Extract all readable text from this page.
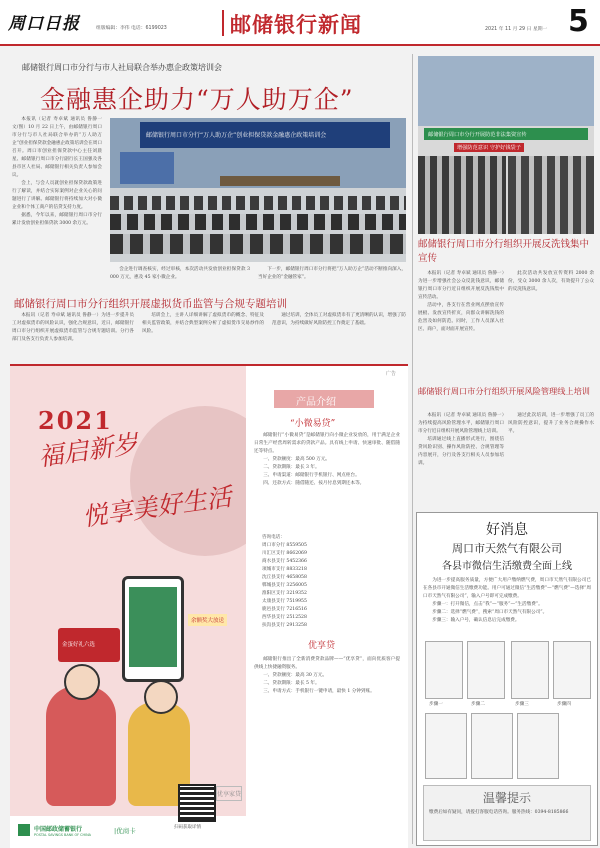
周口日报	组版编辑：李伟 电话：6199023	邮储银行新闻	2021 年 11 月 29 日 星期一 5
邮储银行周口市分行与市人社局联合举办惠企政策培训会
金融惠企助力“万人助万企”

本报讯（记者 寿卓斌 通讯员 鲁静一 文/图）10 月 22 日上午，由邮储银行周口市分行与市人社局联合举办的“万人助万企”创业担保贷款金融惠企政策培训会在周口召开。周口市创业担保贷款中心主任刘晨星、邮储银行周口市分行副行长王国强及各县市区人社局、邮储银行相关负责人参加会议。

会上，与会人员就创业担保贷款政策进行了解读，并结合实际案例对企业关心的问题进行了讲解。邮储银行将持续加大对小微企业和个体工商户的信贷支持力度。

据悉，今年以来，邮储银行周口市分行累计发放创业担保贷款 3000 余万元。

邮储银行周口市分行“万人助万企”创业担保贷款金融惠企政策培训会

会企进行调查核实，经过审核，本次活动共发放创业担保贷款 3000 万元，惠及 45 家小微企业。

下一步，邮储银行周口市分行将把“万人助万企”活动不断推向深入，当好企业的“金融管家”。

邮储银行周口市分行组织开展虚拟货币监管与合规专题培训

本报讯（记者 寿卓斌 通讯员 鲁静一）为进一步提升员工对虚拟货币的风险认识，强化合规意识，近日，邮储银行周口市分行组织开展虚拟货币监管与合规专题培训。分行各部门及各支行负责人参加培训。

培训会上，主讲人详细讲解了虚拟货币的概念、特征及相关监管政策，并结合典型案例分析了虚拟货币交易炒作的风险。

通过培训，全体员工对虚拟货币有了更清晰的认识，增强了防范意识，为持续做好风险防控工作奠定了基础。

2021
福启新岁
悦享美好生活
余额奖大放送
金蛋好礼六选
中国邮政储蓄银行
POSTAL SAVINGS BANK OF CHINA	|优商卡	扫码获取详情
优享家贷
广告
产品介绍
“小微易贷”

邮储银行“小微易贷”是邮储银行向小微企业发放的，用于满足企业日常生产经营周转需求的贷款产品。具有线上申请、快速审批、随借随还等特点。

一、贷款额度：最高 500 万元。

二、贷款期限：最长 3 年。

三、申请渠道：邮储银行手机银行、网点柜台。

四、还款方式：随借随还、按月付息到期还本等。

咨询电话：
周口市分行 8559505
川汇区支行 8662069
商水县支行 5452366
项城市支行 8833218
沈丘县支行 4658058
郸城县支行 3256005
淮阳区支行 3219352
太康县支行 7519955
鹿邑县支行 7216516
西华县支行 2512528
扶沟县支行 2913258
优享贷

邮储银行推出了全新消费贷款品牌——“优享贷”，面向优质客户提供线上快捷融资服务。

一、贷款额度：最高 30 万元。

二、贷款期限：最长 5 年。

三、申请方式：手机银行一键申请，最快 1 分钟到账。

邮储银行周口市分行开展防范非法集资宣传
增强防范意识 守护好钱袋子
邮储银行周口市分行组织开展反洗钱集中宣传

本报讯（记者 寿卓斌 通讯员 鲁静一）为进一步增强社会公众反洗钱意识，邮储银行周口市分行近日组织开展反洗钱集中宣传活动。

活动中，各支行在营业网点摆放宣传展板、发放宣传折页，向群众讲解洗钱的危害及如何防范。同时，工作人员深入社区、商户，面对面开展宣传。

此次活动共发放宣传资料 2000 余份，受众 3000 余人次，有效提升了公众的反洗钱意识。

邮储银行周口市分行组织开展风险管理线上培训

本报讯（记者 寿卓斌 通讯员 鲁静一）为持续提高风险管理水平，邮储银行周口市分行近日组织开展风险管理线上培训。

培训通过线上直播形式进行，围绕信贷风险识别、操作风险防控、合规管理等内容展开，分行及各支行相关人员参加培训。

通过此次培训，进一步增强了员工的风险防控意识，提升了业务合规操作水平。

好消息
周口市天然气有限公司
各县市微信生活缴费全面上线

为进一步提高服务质量，方便广大用户缴纳燃气费，周口市天然气有限公司已在各县市开通微信生活缴费功能。用户可通过微信“生活缴费”—“燃气费”—选择“周口市天然气有限公司”，输入户号即可完成缴费。

步骤一：打开微信，点击“我”—“服务”—“生活缴费”。

步骤二：选择“燃气费”，搜索“周口市天然气有限公司”。

步骤三：输入户号，确认信息后完成缴费。

步骤一	步骤二	步骤三	步骤四
温馨提示
缴费后如有疑问，请拨打客服电话咨询。服务热线：0394-8185866
